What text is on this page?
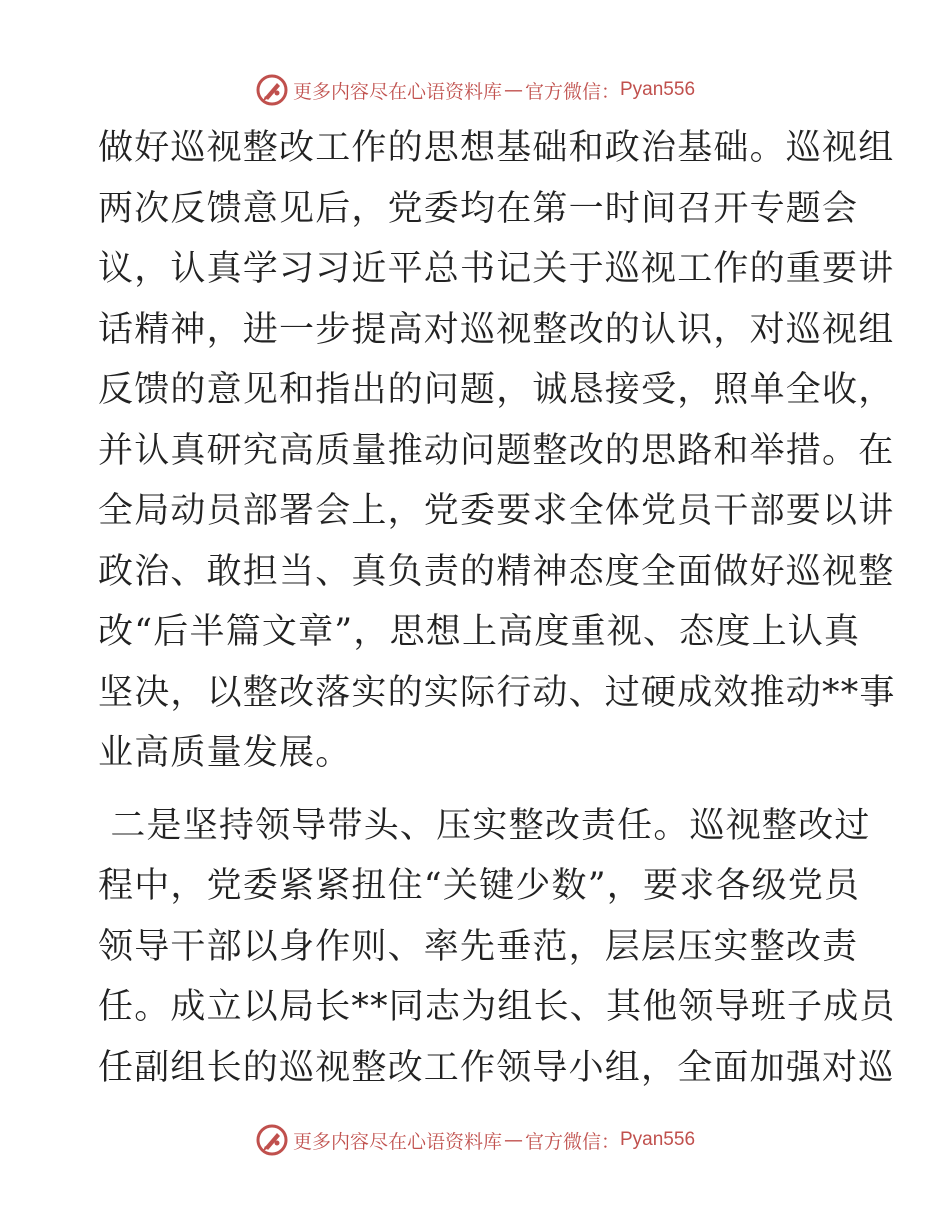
更多内容尽在心语资料库 — 官方微信： Pyan556
做好巡视整改工作的思想基础和政治基础。巡视组
两次反馈意见后，党委均在第一时间召开专题会
议，认真学习习近平总书记关于巡视工作的重要讲
话精神，进一步提高对巡视整改的认识，对巡视组
反馈的意见和指出的问题，诚恳接受，照单全收，
并认真研究高质量推动问题整改的思路和举措。在
全局动员部署会上，党委要求全体党员干部要以讲
政治、敢担当、真负责的精神态度全面做好巡视整
改“后半篇文章”，思想上高度重视、态度上认真
坚决，以整改落实的实际行动、过硬成效推动**事
业高质量发展。
二是坚持领导带头、压实整改责任。巡视整改过
程中，党委紧紧扭住“关键少数”，要求各级党员
领导干部以身作则、率先垂范，层层压实整改责
任。成立以局长**同志为组长、其他领导班子成员
任副组长的巡视整改工作领导小组，全面加强对巡
更多内容尽在心语资料库 — 官方微信： Pyan556
